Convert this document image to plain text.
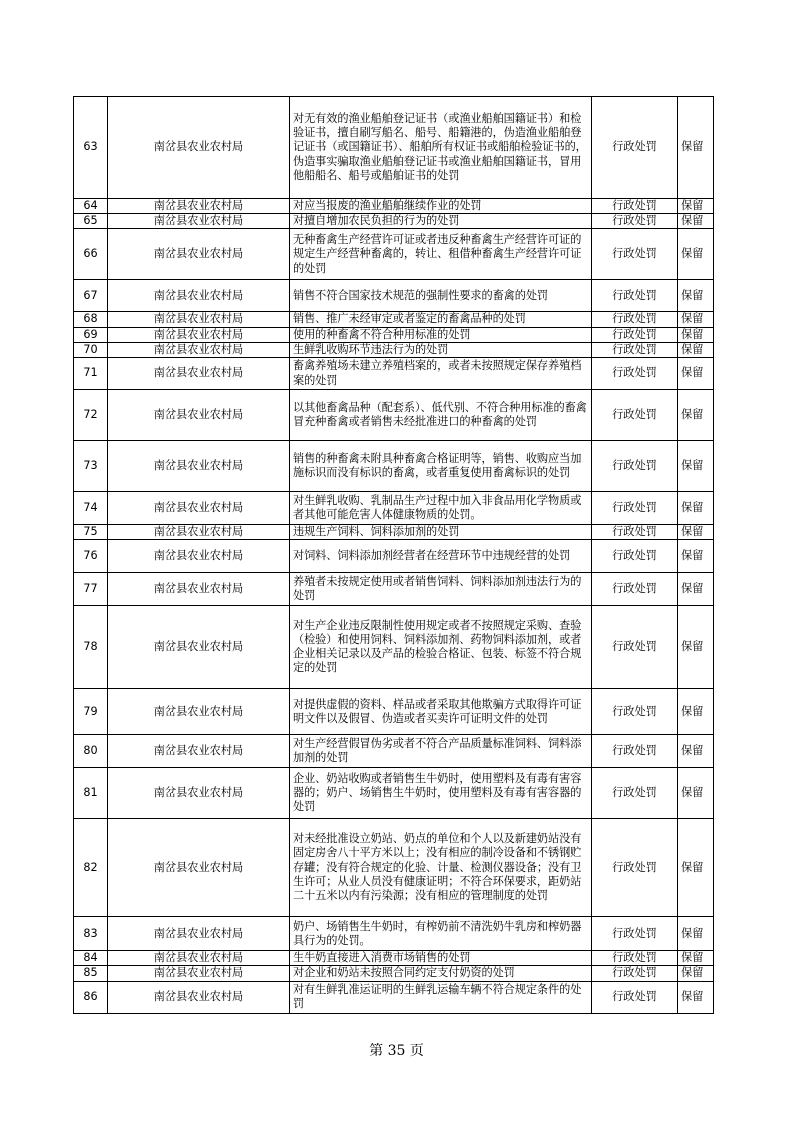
63	南岔县农业农村局	对无有效的渔业船舶登记证书（或渔业船舶国籍证书）和检验证书，擅自刷写船名、船号、船籍港的，伪造渔业船舶登记证书（或国籍证书）、船舶所有权证书或船舶检验证书的，伪造事实骗取渔业船舶登记证书或渔业船舶国籍证书，冒用他船船名、船号或船舶证书的处罚	行政处罚	保留
64	南岔县农业农村局	对应当报废的渔业船舶继续作业的处罚	行政处罚	保留
65	南岔县农业农村局	对擅自增加农民负担的行为的处罚	行政处罚	保留
66	南岔县农业农村局	无种畜禽生产经营许可证或者违反种畜禽生产经营许可证的规定生产经营种畜禽的，转让、租借种畜禽生产经营许可证的处罚	行政处罚	保留
67	南岔县农业农村局	销售不符合国家技术规范的强制性要求的畜禽的处罚	行政处罚	保留
68	南岔县农业农村局	销售、推广未经审定或者鉴定的畜禽品种的处罚	行政处罚	保留
69	南岔县农业农村局	使用的种畜禽不符合种用标准的处罚	行政处罚	保留
70	南岔县农业农村局	生鲜乳收购环节违法行为的处罚	行政处罚	保留
71	南岔县农业农村局	畜禽养殖场未建立养殖档案的，或者未按照规定保存养殖档案的处罚	行政处罚	保留
72	南岔县农业农村局	以其他畜禽品种（配套系）、低代别、不符合种用标准的畜禽冒充种畜禽或者销售未经批准进口的种畜禽的处罚	行政处罚	保留
73	南岔县农业农村局	销售的种畜禽未附具种畜禽合格证明等，销售、收购应当加施标识而没有标识的畜禽，或者重复使用畜禽标识的处罚	行政处罚	保留
74	南岔县农业农村局	对生鲜乳收购、乳制品生产过程中加入非食品用化学物质或者其他可能危害人体健康物质的处罚。	行政处罚	保留
75	南岔县农业农村局	违规生产饲料、饲料添加剂的处罚	行政处罚	保留
76	南岔县农业农村局	对饲料、饲料添加剂经营者在经营环节中违规经营的处罚	行政处罚	保留
77	南岔县农业农村局	养殖者未按规定使用或者销售饲料、饲料添加剂违法行为的处罚	行政处罚	保留
78	南岔县农业农村局	对生产企业违反限制性使用规定或者不按照规定采购、查验（检验）和使用饲料、饲料添加剂、药物饲料添加剂，或者企业相关记录以及产品的检验合格证、包装、标签不符合规定的处罚	行政处罚	保留
79	南岔县农业农村局	对提供虚假的资料、样品或者采取其他欺骗方式取得许可证明文件以及假冒、伪造或者买卖许可证明文件的处罚	行政处罚	保留
80	南岔县农业农村局	对生产经营假冒伪劣或者不符合产品质量标准饲料、饲料添加剂的处罚	行政处罚	保留
81	南岔县农业农村局	企业、奶站收购或者销售生牛奶时，使用塑料及有毒有害容器的；奶户、场销售生牛奶时，使用塑料及有毒有害容器的处罚	行政处罚	保留
82	南岔县农业农村局	对未经批准设立奶站、奶点的单位和个人以及新建奶站没有固定房舍八十平方米以上；没有相应的制冷设备和不锈钢贮存罐；没有符合规定的化验、计量、检测仪器设备；没有卫生许可；从业人员没有健康证明；不符合环保要求，距奶站二十五米以内有污染源；没有相应的管理制度的处罚	行政处罚	保留
83	南岔县农业农村局	奶户、场销售生牛奶时，有榨奶前不清洗奶牛乳房和榨奶器具行为的处罚。	行政处罚	保留
84	南岔县农业农村局	生牛奶直接进入消费市场销售的处罚	行政处罚	保留
85	南岔县农业农村局	对企业和奶站未按照合同约定支付奶资的处罚	行政处罚	保留
86	南岔县农业农村局	对有生鲜乳准运证明的生鲜乳运输车辆不符合规定条件的处罚	行政处罚	保留
第 35 页
